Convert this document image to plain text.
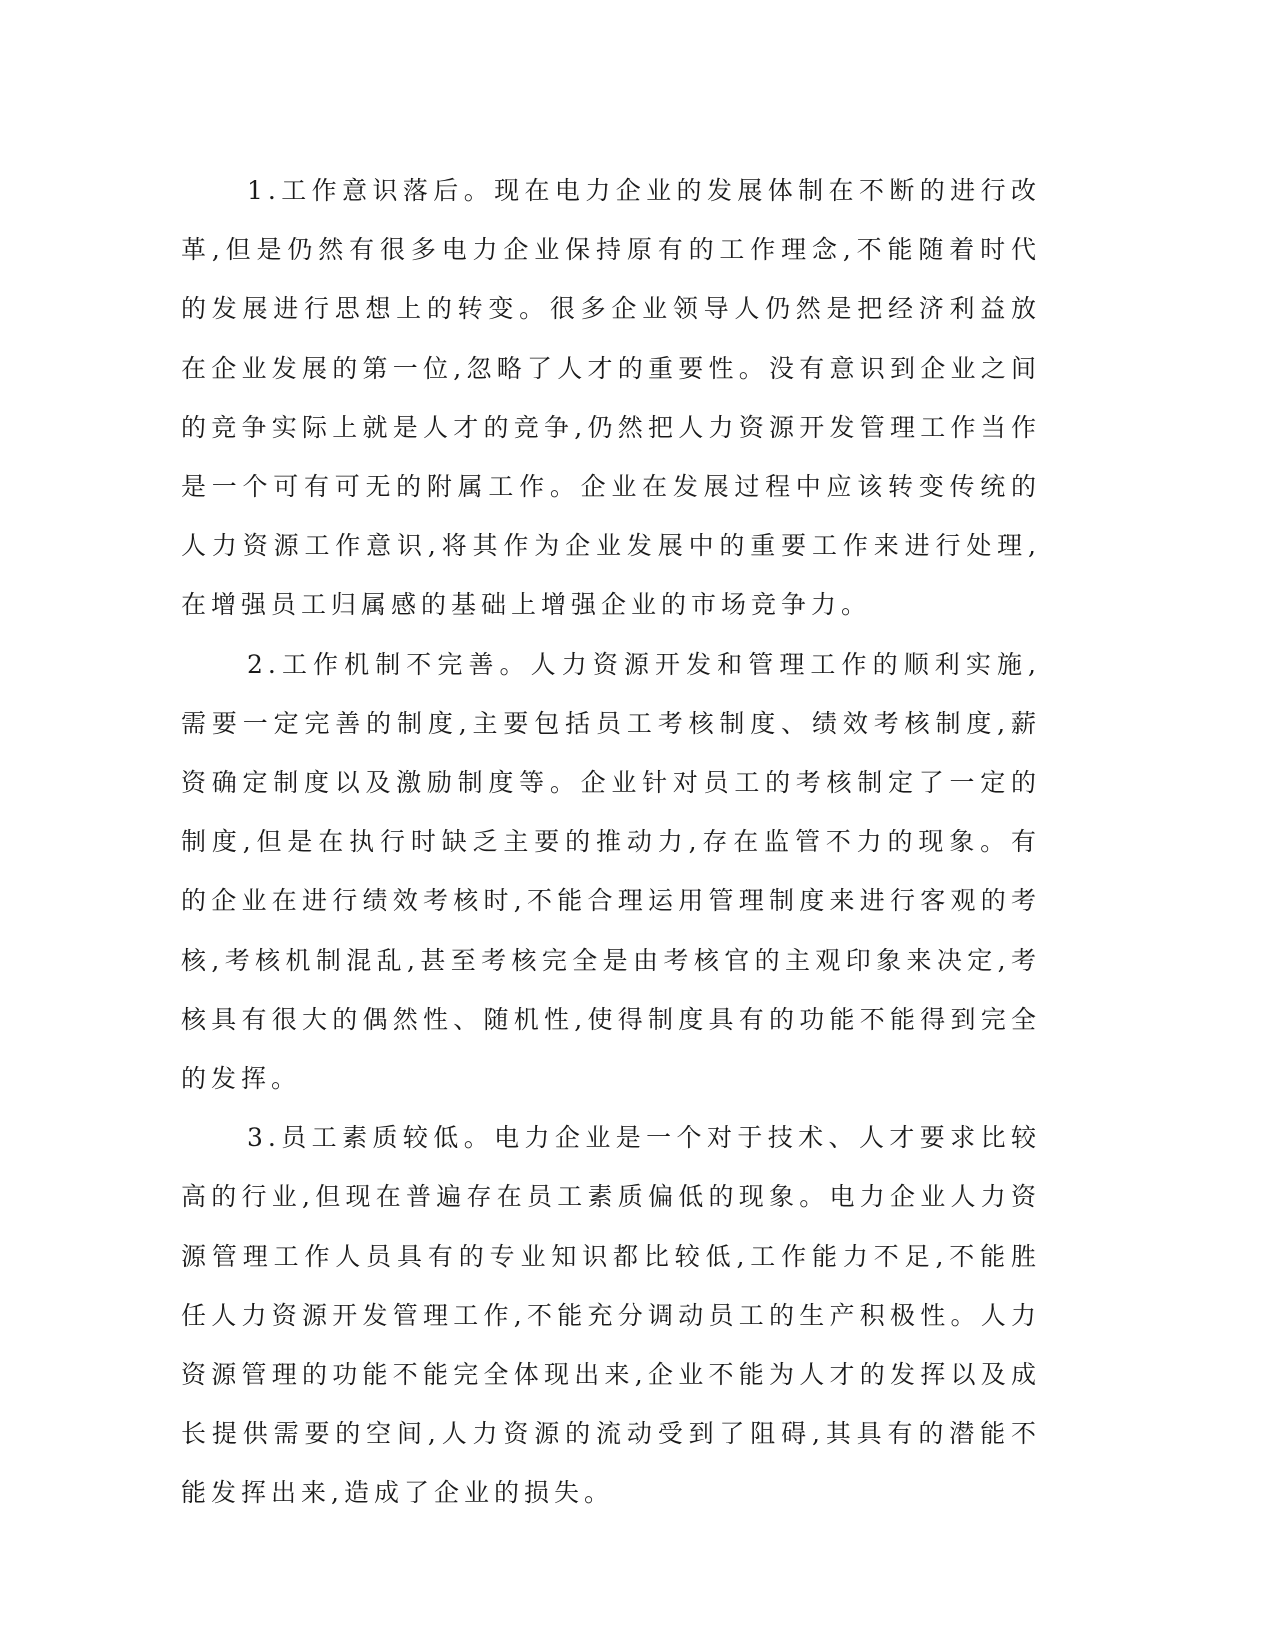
1.工作意识落后。现在电力企业的发展体制在不断的进行改革,但是仍然有很多电力企业保持原有的工作理念,不能随着时代的发展进行思想上的转变。很多企业领导人仍然是把经济利益放在企业发展的第一位,忽略了人才的重要性。没有意识到企业之间的竞争实际上就是人才的竞争,仍然把人力资源开发管理工作当作是一个可有可无的附属工作。企业在发展过程中应该转变传统的人力资源工作意识,将其作为企业发展中的重要工作来进行处理,在增强员工归属感的基础上增强企业的市场竞争力。

2.工作机制不完善。人力资源开发和管理工作的顺利实施,需要一定完善的制度,主要包括员工考核制度、绩效考核制度,薪资确定制度以及激励制度等。企业针对员工的考核制定了一定的制度,但是在执行时缺乏主要的推动力,存在监管不力的现象。有的企业在进行绩效考核时,不能合理运用管理制度来进行客观的考核,考核机制混乱,甚至考核完全是由考核官的主观印象来决定,考核具有很大的偶然性、随机性,使得制度具有的功能不能得到完全的发挥。

3.员工素质较低。电力企业是一个对于技术、人才要求比较高的行业,但现在普遍存在员工素质偏低的现象。电力企业人力资源管理工作人员具有的专业知识都比较低,工作能力不足,不能胜任人力资源开发管理工作,不能充分调动员工的生产积极性。人力资源管理的功能不能完全体现出来,企业不能为人才的发挥以及成长提供需要的空间,人力资源的流动受到了阻碍,其具有的潜能不能发挥出来,造成了企业的损失。
